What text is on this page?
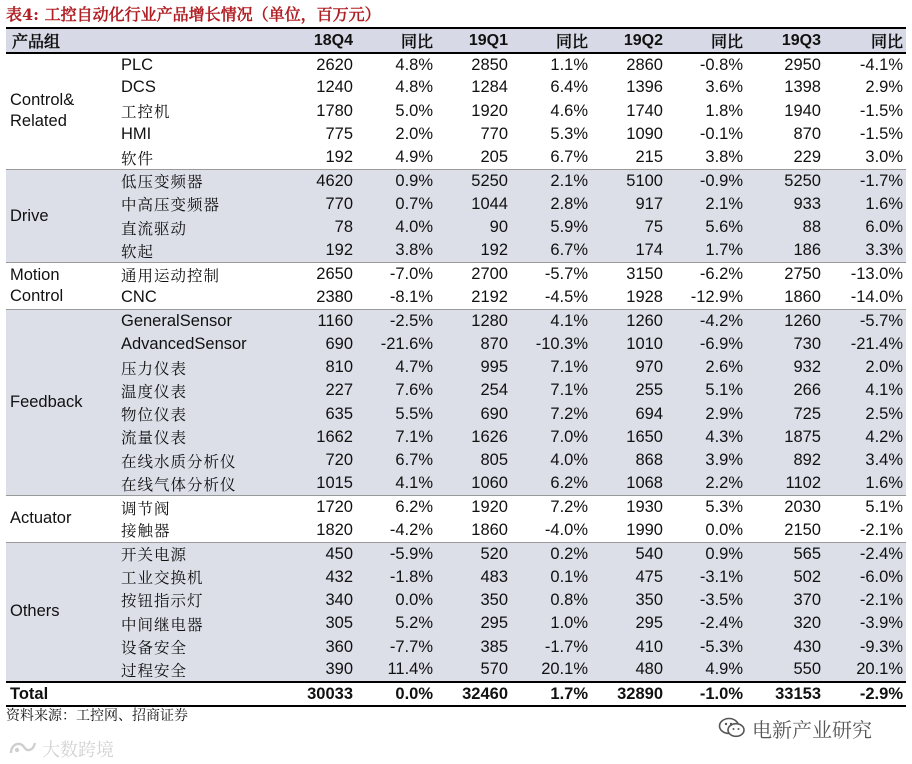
表4: 工控自动化行业产品增长情况（单位，百万元）
产品组		18Q4	同比	19Q1	同比	19Q2	同比	19Q3	同比

Control&
Related	PLC	2620	4.8%	2850	1.1%	2860	-0.8%	2950	-4.1%
	DCS	1240	4.8%	1284	6.4%	1396	3.6%	1398	2.9%
	工控机	1780	5.0%	1920	4.6%	1740	1.8%	1940	-1.5%
	HMI	775	2.0%	770	5.3%	1090	-0.1%	870	-1.5%
	软件	192	4.9%	205	6.7%	215	3.8%	229	3.0%

Drive	低压变频器	4620	0.9%	5250	2.1%	5100	-0.9%	5250	-1.7%
	中高压变频器	770	0.7%	1044	2.8%	917	2.1%	933	1.6%
	直流驱动	78	4.0%	90	5.9%	75	5.6%	88	6.0%
	软起	192	3.8%	192	6.7%	174	1.7%	186	3.3%

Motion
Control	通用运动控制	2650	-7.0%	2700	-5.7%	3150	-6.2%	2750	-13.0%
	CNC	2380	-8.1%	2192	-4.5%	1928	-12.9%	1860	-14.0%

Feedback	GeneralSensor	1160	-2.5%	1280	4.1%	1260	-4.2%	1260	-5.7%
	AdvancedSensor	690	-21.6%	870	-10.3%	1010	-6.9%	730	-21.4%
	压力仪表	810	4.7%	995	7.1%	970	2.6%	932	2.0%
	温度仪表	227	7.6%	254	7.1%	255	5.1%	266	4.1%
	物位仪表	635	5.5%	690	7.2%	694	2.9%	725	2.5%
	流量仪表	1662	7.1%	1626	7.0%	1650	4.3%	1875	4.2%
	在线水质分析仪	720	6.7%	805	4.0%	868	3.9%	892	3.4%
	在线气体分析仪	1015	4.1%	1060	6.2%	1068	2.2%	1102	1.6%

Actuator	调节阀	1720	6.2%	1920	7.2%	1930	5.3%	2030	5.1%
	接触器	1820	-4.2%	1860	-4.0%	1990	0.0%	2150	-2.1%

Others	开关电源	450	-5.9%	520	0.2%	540	0.9%	565	-2.4%
	工业交换机	432	-1.8%	483	0.1%	475	-3.1%	502	-6.0%
	按钮指示灯	340	0.0%	350	0.8%	350	-3.5%	370	-2.1%
	中间继电器	305	5.2%	295	1.0%	295	-2.4%	320	-3.9%
	设备安全	360	-7.7%	385	-1.7%	410	-5.3%	430	-9.3%
	过程安全	390	11.4%	570	20.1%	480	4.9%	550	20.1%
Total		30033	0.0%	32460	1.7%	32890	-1.0%	33153	-2.9%
资料来源：工控网、招商证券
电新产业研究
大数跨境
